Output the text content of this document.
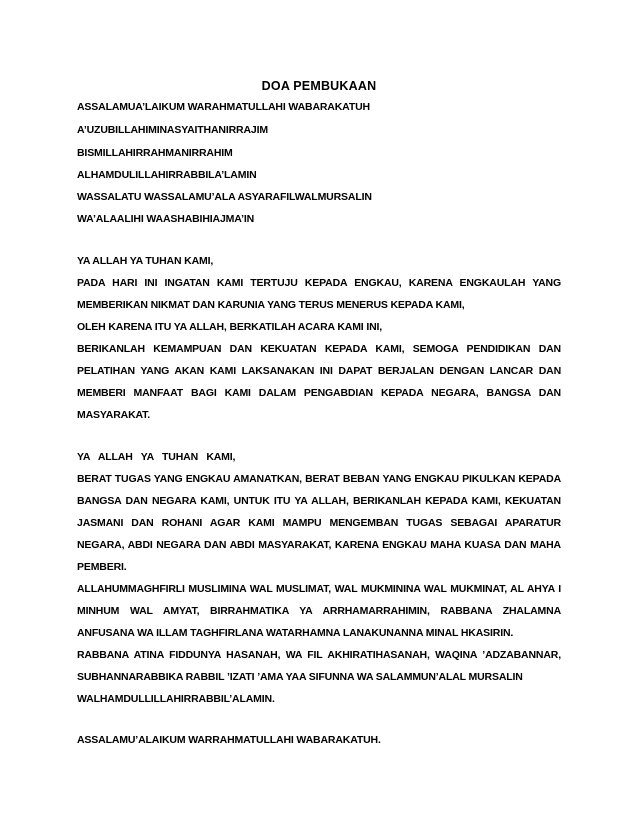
DOA PEMBUKAAN
ASSALAMUA’LAIKUM WARAHMATULLAHI WABARAKATUH
A’UZUBILLAHIMINASYAITHANIRRAJIM
BISMILLAHIRRAHMANIRRAHIM
ALHAMDULILLAHIRRABBILA’LAMIN
WASSALATU WASSALAMU’ALA ASYARAFILWALMURSALIN
WA’ALAALIHI WAASHABIHIAJMA’IN
YA ALLAH YA TUHAN KAMI,
PADA HARI INI INGATAN KAMI TERTUJU KEPADA ENGKAU, KARENA ENGKAULAH YANG
MEMBERIKAN NIKMAT DAN KARUNIA YANG TERUS MENERUS KEPADA KAMI,
OLEH KARENA ITU YA ALLAH, BERKATILAH ACARA KAMI INI,
BERIKANLAH KEMAMPUAN DAN KEKUATAN KEPADA KAMI, SEMOGA PENDIDIKAN DAN
PELATIHAN YANG AKAN KAMI LAKSANAKAN INI DAPAT BERJALAN DENGAN LANCAR DAN
MEMBERI MANFAAT BAGI KAMI DALAM PENGABDIAN KEPADA NEGARA, BANGSA DAN
MASYARAKAT.
YA   ALLAH   YA   TUHAN   KAMI,
BERAT TUGAS YANG ENGKAU AMANATKAN, BERAT BEBAN YANG ENGKAU PIKULKAN KEPADA
BANGSA DAN NEGARA KAMI, UNTUK ITU YA ALLAH, BERIKANLAH KEPADA KAMI, KEKUATAN
JASMANI DAN ROHANI AGAR KAMI MAMPU MENGEMBAN TUGAS SEBAGAI APARATUR
NEGARA, ABDI NEGARA DAN ABDI MASYARAKAT, KARENA ENGKAU MAHA KUASA DAN MAHA
PEMBERI.
ALLAHUMMAGHFIRLI MUSLIMINA WAL MUSLIMAT, WAL MUKMININA WAL MUKMINAT, AL AHYA I
MINHUM WAL AMYAT, BIRRAHMATIKA YA ARRHAMARRAHIMIN, RABBANA ZHALAMNA
ANFUSANA WA ILLAM TAGHFIRLANA WATARHAMNA LANAKUNANNA MINAL HKASIRIN.
RABBANA ATINA FIDDUNYA HASANAH, WA FIL AKHIRATIHASANAH, WAQINA ’ADZABANNAR,
SUBHANNARABBIKA RABBIL ’IZATI ’AMA YAA SIFUNNA WA SALAMMUN’ALAL MURSALIN
WALHAMDULLILLAHIRRABBIL’ALAMIN.
ASSALAMU’ALAIKUM WARRAHMATULLAHI WABARAKATUH.
